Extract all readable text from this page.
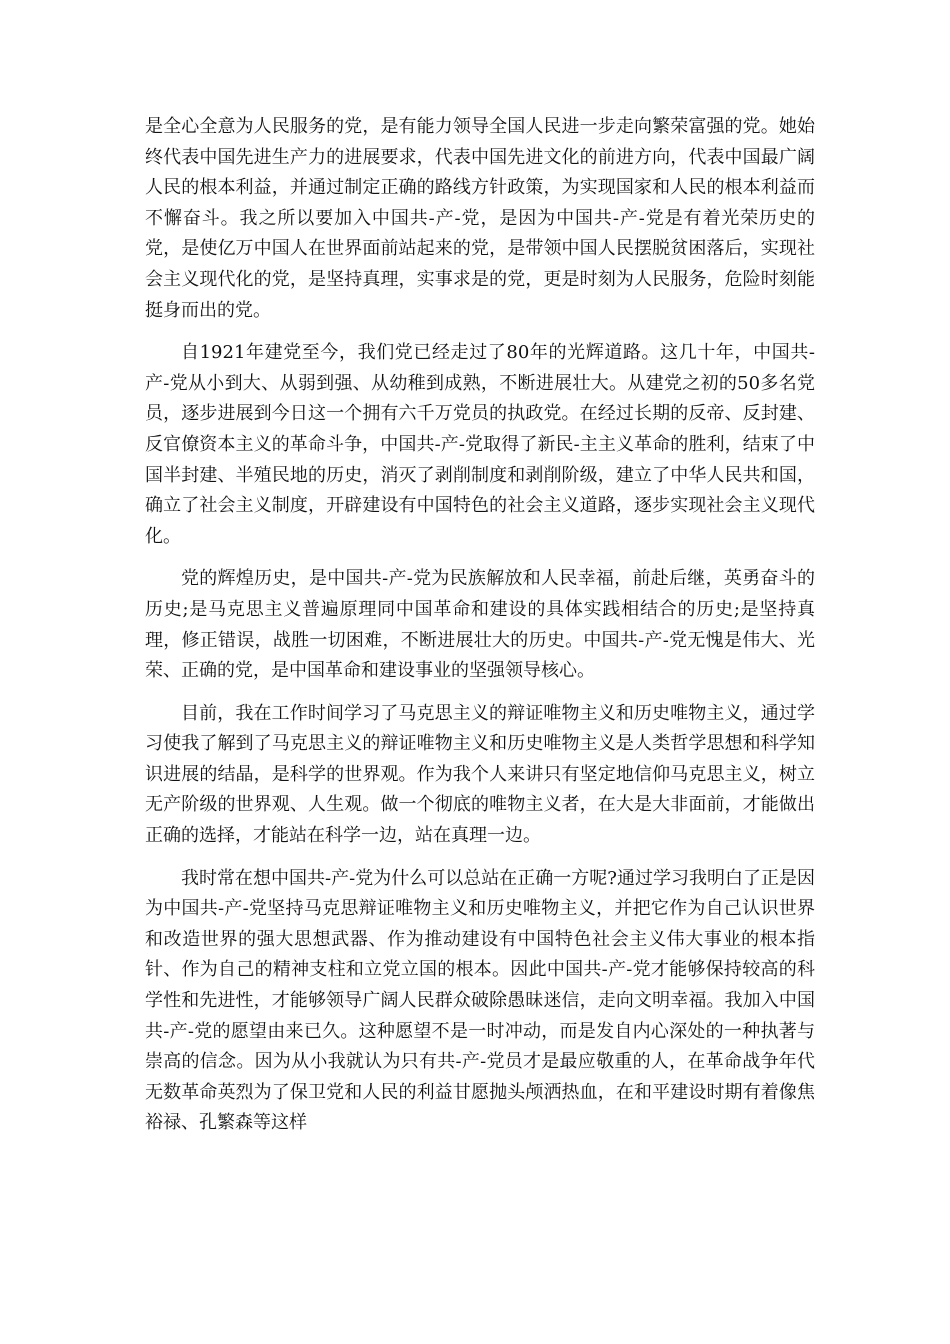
是全心全意为人民服务的党，是有能力领导全国人民进一步走向繁荣富强的党。她始终代表中国先进生产力的进展要求，代表中国先进文化的前进方向，代表中国最广阔人民的根本利益，并通过制定正确的路线方针政策，为实现国家和人民的根本利益而不懈奋斗。我之所以要加入中国共-产-党，是因为中国共-产-党是有着光荣历史的党，是使亿万中国人在世界面前站起来的党，是带领中国人民摆脱贫困落后，实现社会主义现代化的党，是坚持真理，实事求是的党，更是时刻为人民服务，危险时刻能挺身而出的党。

自1921年建党至今，我们党已经走过了80年的光辉道路。这几十年，中国共-产-党从小到大、从弱到强、从幼稚到成熟，不断进展壮大。从建党之初的50多名党员，逐步进展到今日这一个拥有六千万党员的执政党。在经过长期的反帝、反封建、反官僚资本主义的革命斗争，中国共-产-党取得了新民-主主义革命的胜利，结束了中国半封建、半殖民地的历史，消灭了剥削制度和剥削阶级，建立了中华人民共和国，确立了社会主义制度，开辟建设有中国特色的社会主义道路，逐步实现社会主义现代化。

党的辉煌历史，是中国共-产-党为民族解放和人民幸福，前赴后继，英勇奋斗的历史;是马克思主义普遍原理同中国革命和建设的具体实践相结合的历史;是坚持真理，修正错误，战胜一切困难，不断进展壮大的历史。中国共-产-党无愧是伟大、光荣、正确的党，是中国革命和建设事业的坚强领导核心。

目前，我在工作时间学习了马克思主义的辩证唯物主义和历史唯物主义，通过学习使我了解到了马克思主义的辩证唯物主义和历史唯物主义是人类哲学思想和科学知识进展的结晶，是科学的世界观。作为我个人来讲只有坚定地信仰马克思主义，树立无产阶级的世界观、人生观。做一个彻底的唯物主义者，在大是大非面前，才能做出正确的选择，才能站在科学一边，站在真理一边。

我时常在想中国共-产-党为什么可以总站在正确一方呢?通过学习我明白了正是因为中国共-产-党坚持马克思辩证唯物主义和历史唯物主义，并把它作为自己认识世界和改造世界的强大思想武器、作为推动建设有中国特色社会主义伟大事业的根本指针、作为自己的精神支柱和立党立国的根本。因此中国共-产-党才能够保持较高的科学性和先进性，才能够领导广阔人民群众破除愚昧迷信，走向文明幸福。我加入中国共-产-党的愿望由来已久。这种愿望不是一时冲动，而是发自内心深处的一种执著与崇高的信念。因为从小我就认为只有共-产-党员才是最应敬重的人，在革命战争年代无数革命英烈为了保卫党和人民的利益甘愿抛头颅洒热血，在和平建设时期有着像焦裕禄、孔繁森等这样
